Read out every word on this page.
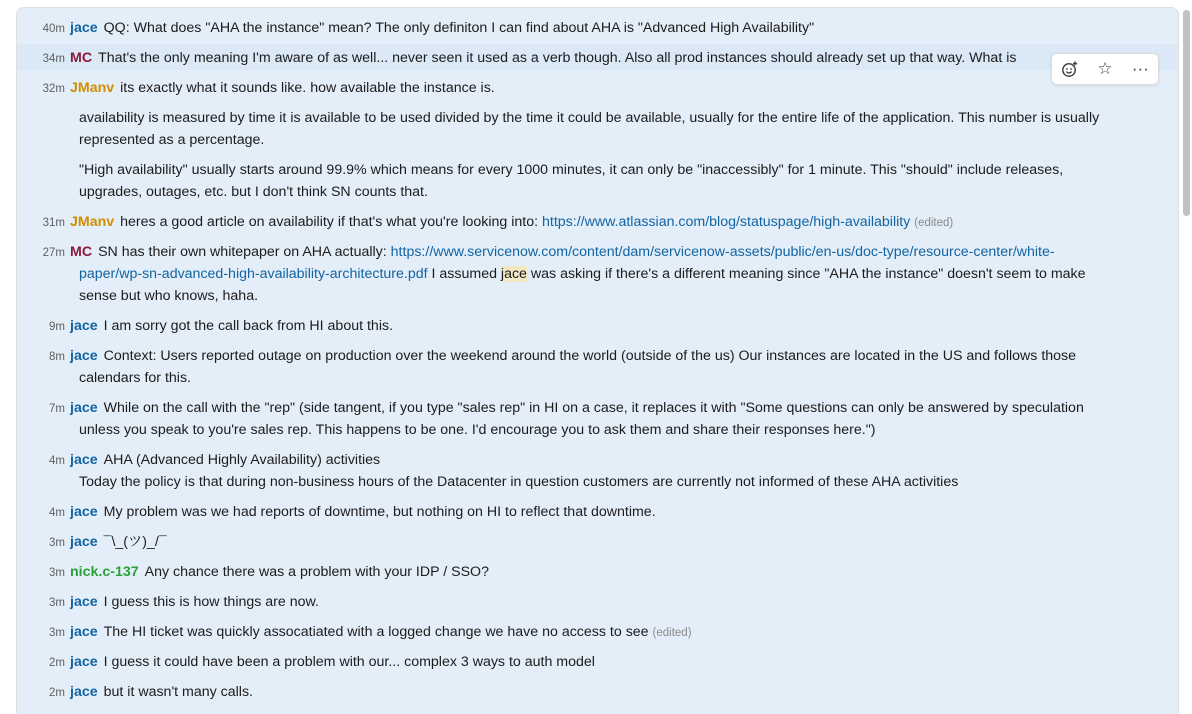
40m jace QQ: What does "AHA the instance" mean? The only definiton I can find about AHA is "Advanced High Availability"
34m MC That's the only meaning I'm aware of as well... never seen it used as a verb though. Also all prod instances should already set up that way. What is
32m JManv its exactly what it sounds like. how available the instance is.
availability is measured by time it is available to be used divided by the time it could be available, usually for the entire life of the application. This number is usually
represented as a percentage.
"High availability" usually starts around 99.9% which means for every 1000 minutes, it can only be "inaccessibly" for 1 minute. This "should" include releases,
upgrades, outages, etc. but I don't think SN counts that.
31m JManv heres a good article on availability if that's what you're looking into: https://www.atlassian.com/blog/statuspage/high-availability (edited)
27m MC SN has their own whitepaper on AHA actually: https://www.servicenow.com/content/dam/servicenow-assets/public/en-us/doc-type/resource-center/white-
paper/wp-sn-advanced-high-availability-architecture.pdf I assumed jace was asking if there's a different meaning since "AHA the instance" doesn't seem to make
sense but who knows, haha.
9m jace I am sorry got the call back from HI about this.
8m jace Context: Users reported outage on production over the weekend around the world (outside of the us) Our instances are located in the US and follows those
calendars for this.
7m jace While on the call with the "rep" (side tangent, if you type "sales rep" in HI on a case, it replaces it with "Some questions can only be answered by speculation
unless you speak to you're sales rep. This happens to be one. I'd encourage you to ask them and share their responses here.")
4m jace AHA (Advanced Highly Availability) activities
Today the policy is that during non-business hours of the Datacenter in question customers are currently not informed of these AHA activities
4m jace My problem was we had reports of downtime, but nothing on HI to reflect that downtime.
3m jace ¯\_(ツ)_/¯
3m nick.c-137 Any chance there was a problem with your IDP / SSO?
3m jace I guess this is how things are now.
3m jace The HI ticket was quickly assocatiated with a logged change we have no access to see (edited)
2m jace I guess it could have been a problem with our... complex 3 ways to auth model
2m jace but it wasn't many calls.
☆	···
